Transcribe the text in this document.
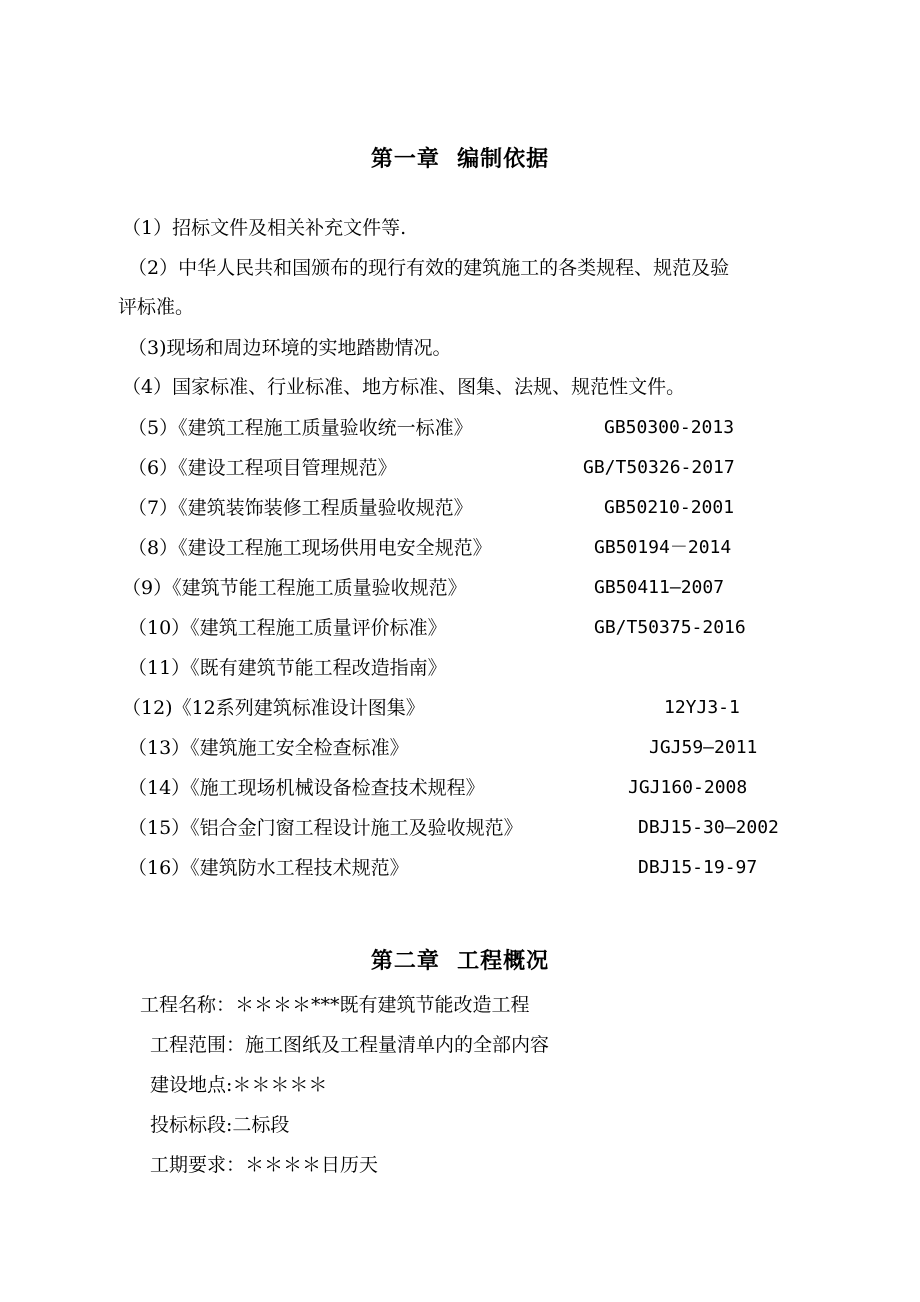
第一章  编制依据
（1）招标文件及相关补充文件等.
（2）中华人民共和国颁布的现行有效的建筑施工的各类规程、规范及验
评标准。
（3)现场和周边环境的实地踏勘情况。
（4）国家标准、行业标准、地方标准、图集、法规、规范性文件。
（5）《建筑工程施工质量验收统一标准》	GB50300-2013
（6）《建设工程项目管理规范》	GB/T50326-2017
（7）《建筑装饰装修工程质量验收规范》	GB50210-2001
（8）《建设工程施工现场供用电安全规范》	GB50194－2014
（9）《建筑节能工程施工质量验收规范》	GB50411—2007
（10）《建筑工程施工质量评价标准》	GB/T50375-2016
（11）《既有建筑节能工程改造指南》
（12)《12系列建筑标准设计图集》	12YJ3-1
（13）《建筑施工安全检查标准》	JGJ59—2011
（14）《施工现场机械设备检查技术规程》	JGJ160-2008
（15）《铝合金门窗工程设计施工及验收规范》	DBJ15-30—2002
（16）《建筑防水工程技术规范》	DBJ15-19-97
第二章  工程概况
工程名称：＊＊＊＊***既有建筑节能改造工程
工程范围：施工图纸及工程量清单内的全部内容
建设地点:＊＊＊＊＊
投标标段:二标段
工期要求：＊＊＊＊日历天
